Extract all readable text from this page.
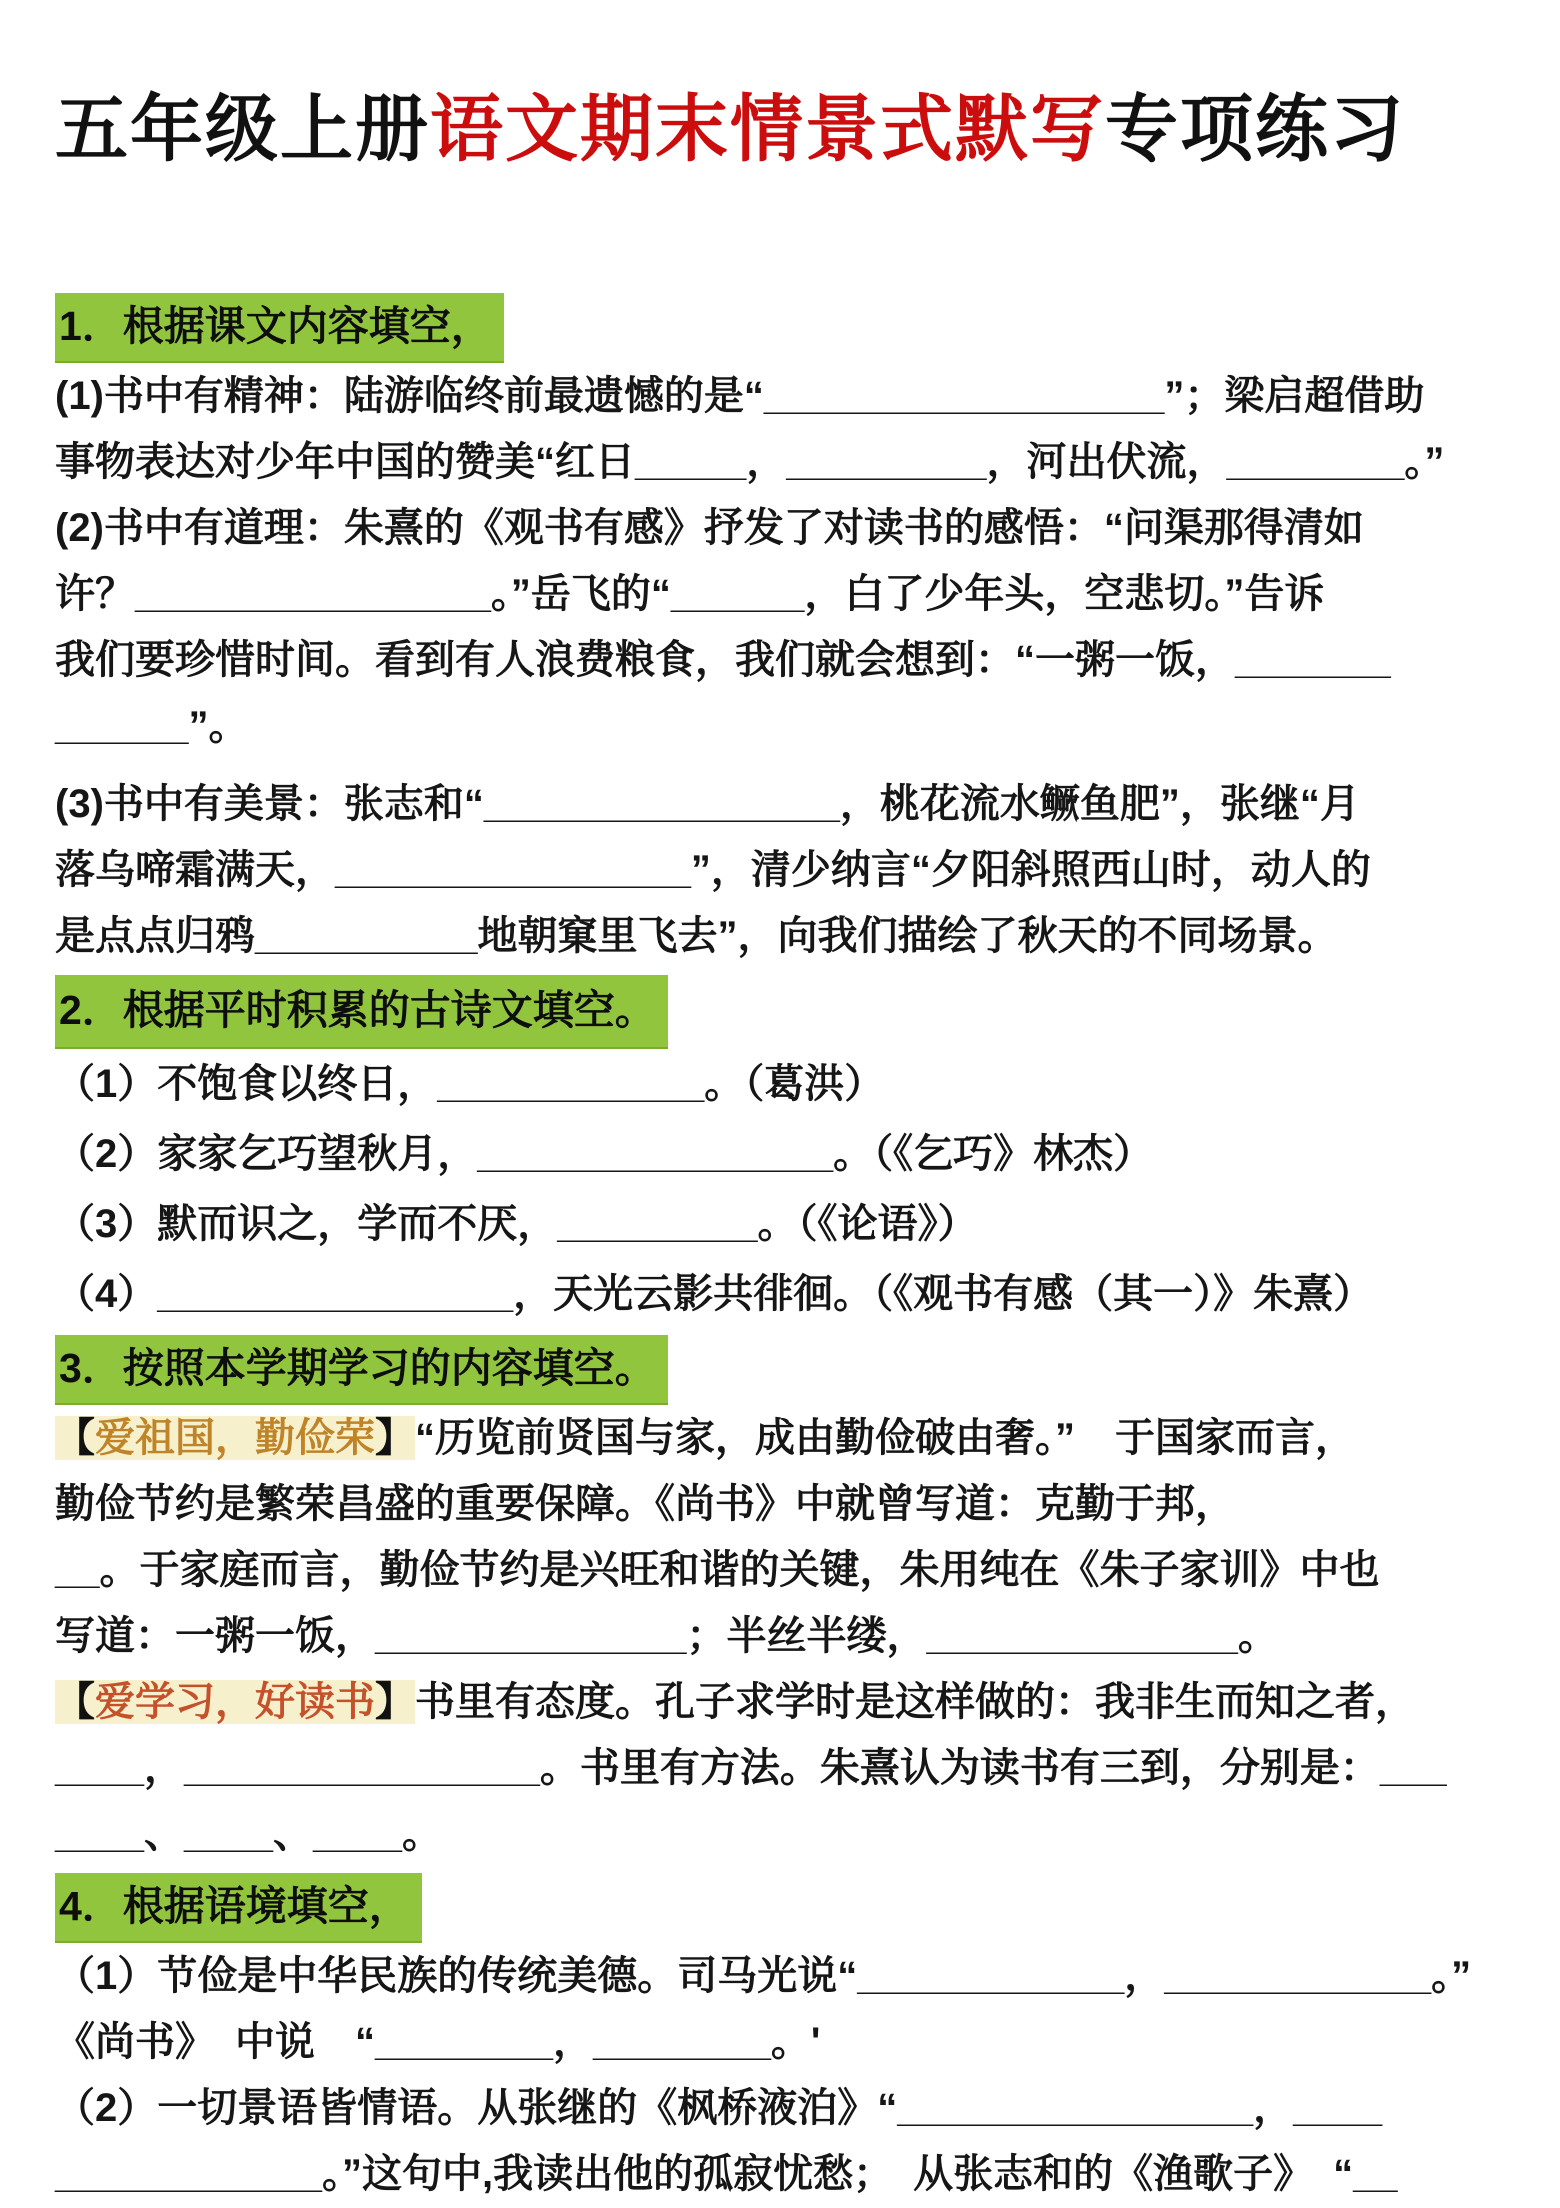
五年级上册语文期末情景式默写专项练习
1．根据课文内容填空，
(1)书中有精神：陆游临终前最遗憾的是“__________________”；梁启超借助
事物表达对少年中国的赞美“红日_____，_________，河出伏流，________。”
(2)书中有道理：朱熹的《观书有感》抒发了对读书的感悟：“问渠那得清如
许？________________。”岳飞的“______，白了少年头，空悲切。”告诉
我们要珍惜时间。看到有人浪费粮食，我们就会想到：“一粥一饭，_______
______”。
(3)书中有美景：张志和“________________，桃花流水鳜鱼肥”，张继“月
落乌啼霜满天，________________”，清少纳言“夕阳斜照西山时，动人的
是点点归鸦__________地朝窠里飞去”，向我们描绘了秋天的不同场景。
2．根据平时积累的古诗文填空。
（1）不饱食以终日，____________。（葛洪）
（2）家家乞巧望秋月，________________。（《乞巧》林杰）
（3）默而识之，学而不厌，_________。（《论语》）
（4）________________，天光云影共徘徊。（《观书有感（其一）》朱熹）
3．按照本学期学习的内容填空。
【爱祖国，勤俭荣】“历览前贤国与家，成由勤俭破由奢。”　于国家而言，
勤俭节约是繁荣昌盛的重要保障。《尚书》中就曾写道：克勤于邦，
__。于家庭而言，勤俭节约是兴旺和谐的关键，朱用纯在《朱子家训》中也
写道：一粥一饭，______________；半丝半缕，______________。
【爱学习，好读书】书里有态度。孔子求学时是这样做的：我非生而知之者，
____，________________。书里有方法。朱熹认为读书有三到，分别是：___
____、____、____。
4．根据语境填空，
（1）节俭是中华民族的传统美德。司马光说“____________，____________。”
《尚书》　中说　“________，________。'
（2）一切景语皆情语。从张继的《枫桥液泊》“________________，____
____________。”这句中,我读出他的孤寂忧愁；　从张志和的《渔歌子》　“__
